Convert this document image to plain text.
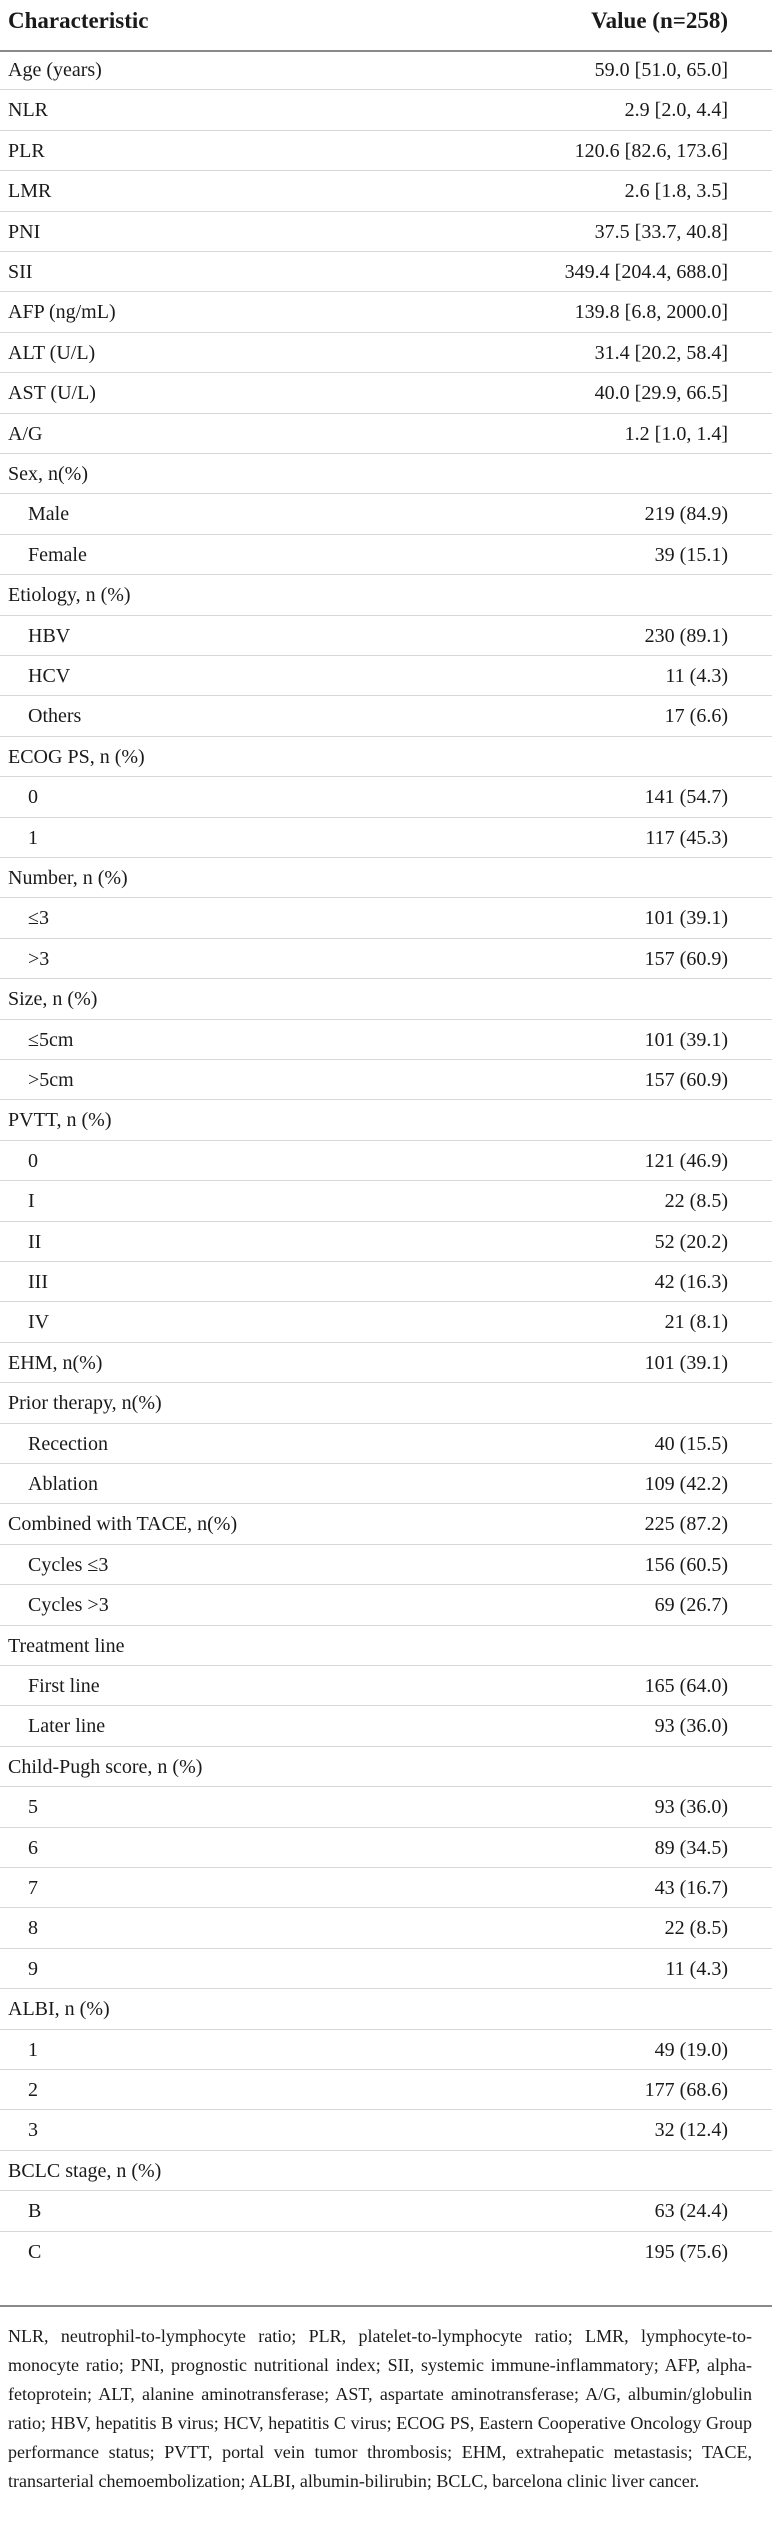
Characteristic	Value (n=258)
Age (years)	59.0 [51.0, 65.0]
NLR	2.9 [2.0, 4.4]
PLR	120.6 [82.6, 173.6]
LMR	2.6 [1.8, 3.5]
PNI	37.5 [33.7, 40.8]
SII	349.4 [204.4, 688.0]
AFP (ng/mL)	139.8 [6.8, 2000.0]
ALT (U/L)	31.4 [20.2, 58.4]
AST (U/L)	40.0 [29.9, 66.5]
A/G	1.2 [1.0, 1.4]
Sex, n(%)
Male	219 (84.9)
Female	39 (15.1)
Etiology, n (%)
HBV	230 (89.1)
HCV	11 (4.3)
Others	17 (6.6)
ECOG PS, n (%)
0	141 (54.7)
1	117 (45.3)
Number, n (%)
≤3	101 (39.1)
>3	157 (60.9)
Size, n (%)
≤5cm	101 (39.1)
>5cm	157 (60.9)
PVTT, n (%)
0	121 (46.9)
I	22 (8.5)
II	52 (20.2)
III	42 (16.3)
IV	21 (8.1)
EHM, n(%)	101 (39.1)
Prior therapy, n(%)
Recection	40 (15.5)
Ablation	109 (42.2)
Combined with TACE, n(%)	225 (87.2)
Cycles ≤3	156 (60.5)
Cycles >3	69 (26.7)
Treatment line
First line	165 (64.0)
Later line	93 (36.0)
Child-Pugh score, n (%)
5	93 (36.0)
6	89 (34.5)
7	43 (16.7)
8	22 (8.5)
9	11 (4.3)
ALBI, n (%)
1	49 (19.0)
2	177 (68.6)
3	32 (12.4)
BCLC stage, n (%)
B	63 (24.4)
C	195 (75.6)
NLR, neutrophil-to-lymphocyte ratio; PLR, platelet-to-lymphocyte ratio; LMR, lymphocyte-to-monocyte ratio; PNI, prognostic nutritional index; SII, systemic immune-inflammatory; AFP, alpha-fetoprotein; ALT, alanine aminotransferase; AST, aspartate aminotransferase; A/G, albumin/globulin ratio; HBV, hepatitis B virus; HCV, hepatitis C virus; ECOG PS, Eastern Cooperative Oncology Group performance status; PVTT, portal vein tumor thrombosis; EHM, extrahepatic metastasis; TACE, transarterial chemoembolization; ALBI, albumin-bilirubin; BCLC, barcelona clinic liver cancer.
